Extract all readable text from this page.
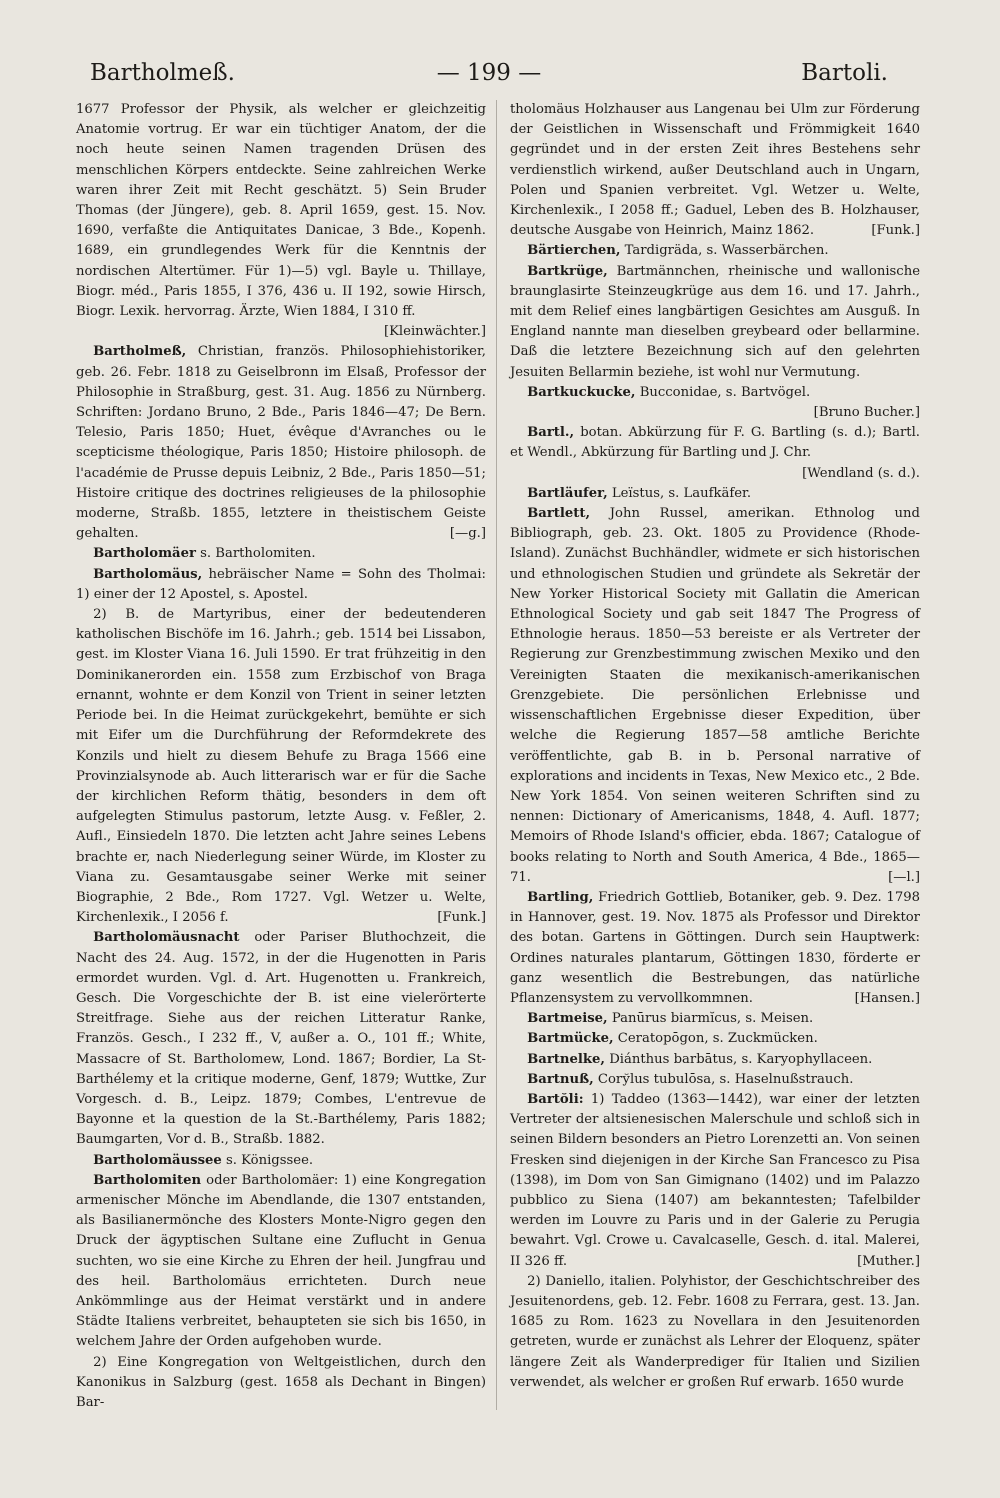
Bartholmeß.	— 199 —	Bartoli.

1677 Professor der Physik, als welcher er gleichzeitig Anatomie vortrug. Er war ein tüchtiger Anatom, der die noch heute seinen Namen tragenden Drüsen des menschlichen Körpers entdeckte. Seine zahlreichen Werke waren ihrer Zeit mit Recht geschätzt. 5) Sein Bruder Thomas (der Jüngere), geb. 8. April 1659, gest. 15. Nov. 1690, verfaßte die Antiquitates Danicae, 3 Bde., Kopenh. 1689, ein grundlegendes Werk für die Kenntnis der nordischen Altertümer. Für 1)—5) vgl. Bayle u. Thillaye, Biogr. méd., Paris 1855, I 376, 436 u. II 192, sowie Hirsch, Biogr. Lexik. hervorrag. Ärzte, Wien 1884, I 310 ff.
[Kleinwächter.]

Bartholmeß, Christian, französ. Philosophiehistoriker, geb. 26. Febr. 1818 zu Geiselbronn im Elsaß, Professor der Philosophie in Straßburg, gest. 31. Aug. 1856 zu Nürnberg. Schriften: Jordano Bruno, 2 Bde., Paris 1846—47; De Bern. Telesio, Paris 1850; Huet, évêque d'Avranches ou le scepticisme théologique, Paris 1850; Histoire philosoph. de l'académie de Prusse depuis Leibniz, 2 Bde., Paris 1850—51; Histoire critique des doctrines religieuses de la philosophie moderne, Straßb. 1855, letztere in theistischem Geiste gehalten.	[—g.]

Bartholomäer s. Bartholomiten.

Bartholomäus, hebräischer Name = Sohn des Tholmai: 1) einer der 12 Apostel, s. Apostel.

2) B. de Martyribus, einer der bedeutenderen katholischen Bischöfe im 16. Jahrh.; geb. 1514 bei Lissabon, gest. im Kloster Viana 16. Juli 1590. Er trat frühzeitig in den Dominikanerorden ein. 1558 zum Erzbischof von Braga ernannt, wohnte er dem Konzil von Trient in seiner letzten Periode bei. In die Heimat zurückgekehrt, bemühte er sich mit Eifer um die Durchführung der Reformdekrete des Konzils und hielt zu diesem Behufe zu Braga 1566 eine Provinzialsynode ab. Auch litterarisch war er für die Sache der kirchlichen Reform thätig, besonders in dem oft aufgelegten Stimulus pastorum, letzte Ausg. v. Feßler, 2. Aufl., Einsiedeln 1870. Die letzten acht Jahre seines Lebens brachte er, nach Niederlegung seiner Würde, im Kloster zu Viana zu. Gesamtausgabe seiner Werke mit seiner Biographie, 2 Bde., Rom 1727. Vgl. Wetzer u. Welte, Kirchenlexik., I 2056 f.	[Funk.]

Bartholomäusnacht oder Pariser Bluthochzeit, die Nacht des 24. Aug. 1572, in der die Hugenotten in Paris ermordet wurden. Vgl. d. Art. Hugenotten u. Frankreich, Gesch. Die Vorgeschichte der B. ist eine vielerörterte Streitfrage. Siehe aus der reichen Litteratur Ranke, Französ. Gesch., I 232 ff., V, außer a. O., 101 ff.; White, Massacre of St. Bartholomew, Lond. 1867; Bordier, La St-Barthélemy et la critique moderne, Genf, 1879; Wuttke, Zur Vorgesch. d. B., Leipz. 1879; Combes, L'entrevue de Bayonne et la question de la St.-Barthélemy, Paris 1882; Baumgarten, Vor d. B., Straßb. 1882.

Bartholomäussee s. Königssee.

Bartholomiten oder Bartholomäer: 1) eine Kongregation armenischer Mönche im Abendlande, die 1307 entstanden, als Basilianermönche des Klosters Monte-Nigro gegen den Druck der ägyptischen Sultane eine Zuflucht in Genua suchten, wo sie eine Kirche zu Ehren der heil. Jungfrau und des heil. Bartholomäus errichteten. Durch neue Ankömmlinge aus der Heimat verstärkt und in andere Städte Italiens verbreitet, behaupteten sie sich bis 1650, in welchem Jahre der Orden aufgehoben wurde.

2) Eine Kongregation von Weltgeistlichen, durch den Kanonikus in Salzburg (gest. 1658 als Dechant in Bingen) Bar-

tholomäus Holzhauser aus Langenau bei Ulm zur Förderung der Geistlichen in Wissenschaft und Frömmigkeit 1640 gegründet und in der ersten Zeit ihres Bestehens sehr verdienstlich wirkend, außer Deutschland auch in Ungarn, Polen und Spanien verbreitet. Vgl. Wetzer u. Welte, Kirchenlexik., I 2058 ff.; Gaduel, Leben des B. Holzhauser, deutsche Ausgabe von Heinrich, Mainz 1862.	[Funk.]

Bärtierchen, Tardigräda, s. Wasserbärchen.

Bartkrüge, Bartmännchen, rheinische und wallonische braunglasirte Steinzeugkrüge aus dem 16. und 17. Jahrh., mit dem Relief eines langbärtigen Gesichtes am Ausguß. In England nannte man dieselben greybeard oder bellarmine. Daß die letztere Bezeichnung sich auf den gelehrten Jesuiten Bellarmin beziehe, ist wohl nur Vermutung.

Bartkuckucke, Bucconidae, s. Bartvögel.
[Bruno Bucher.]

Bartl., botan. Abkürzung für F. G. Bartling (s. d.); Bartl. et Wendl., Abkürzung für Bartling und J. Chr.
[Wendland (s. d.).

Bartläufer, Leïstus, s. Laufkäfer.

Bartlett, John Russel, amerikan. Ethnolog und Bibliograph, geb. 23. Okt. 1805 zu Providence (Rhode-Island). Zunächst Buchhändler, widmete er sich historischen und ethnologischen Studien und gründete als Sekretär der New Yorker Historical Society mit Gallatin die American Ethnological Society und gab seit 1847 The Progress of Ethnologie heraus. 1850—53 bereiste er als Vertreter der Regierung zur Grenzbestimmung zwischen Mexiko und den Vereinigten Staaten die mexikanisch-amerikanischen Grenzgebiete. Die persönlichen Erlebnisse und wissenschaftlichen Ergebnisse dieser Expedition, über welche die Regierung 1857—58 amtliche Berichte veröffentlichte, gab B. in b. Personal narrative of explorations and incidents in Texas, New Mexico etc., 2 Bde. New York 1854. Von seinen weiteren Schriften sind zu nennen: Dictionary of Americanisms, 1848, 4. Aufl. 1877; Memoirs of Rhode Island's officier, ebda. 1867; Catalogue of books relating to North and South America, 4 Bde., 1865—71.	[—l.]

Bartling, Friedrich Gottlieb, Botaniker, geb. 9. Dez. 1798 in Hannover, gest. 19. Nov. 1875 als Professor und Direktor des botan. Gartens in Göttingen. Durch sein Hauptwerk: Ordines naturales plantarum, Göttingen 1830, förderte er ganz wesentlich die Bestrebungen, das natürliche Pflanzensystem zu vervollkommnen.	[Hansen.]

Bartmeise, Panūrus biarmĭcus, s. Meisen.

Bartmücke, Ceratopōgon, s. Zuckmücken.

Bartnelke, Diánthus barbātus, s. Karyophyllaceen.

Bartnuß, Corўlus tubulōsa, s. Haselnußstrauch.

Bartŏli: 1) Taddeo (1363—1442), war einer der letzten Vertreter der altsienesischen Malerschule und schloß sich in seinen Bildern besonders an Pietro Lorenzetti an. Von seinen Fresken sind diejenigen in der Kirche San Francesco zu Pisa (1398), im Dom von San Gimignano (1402) und im Palazzo pubblico zu Siena (1407) am bekanntesten; Tafelbilder werden im Louvre zu Paris und in der Galerie zu Perugia bewahrt. Vgl. Crowe u. Cavalcaselle, Gesch. d. ital. Malerei, II 326 ff.	[Muther.]

2) Daniello, italien. Polyhistor, der Geschichtschreiber des Jesuitenordens, geb. 12. Febr. 1608 zu Ferrara, gest. 13. Jan. 1685 zu Rom. 1623 zu Novellara in den Jesuitenorden getreten, wurde er zunächst als Lehrer der Eloquenz, später längere Zeit als Wanderprediger für Italien und Sizilien verwendet, als welcher er großen Ruf erwarb. 1650 wurde
